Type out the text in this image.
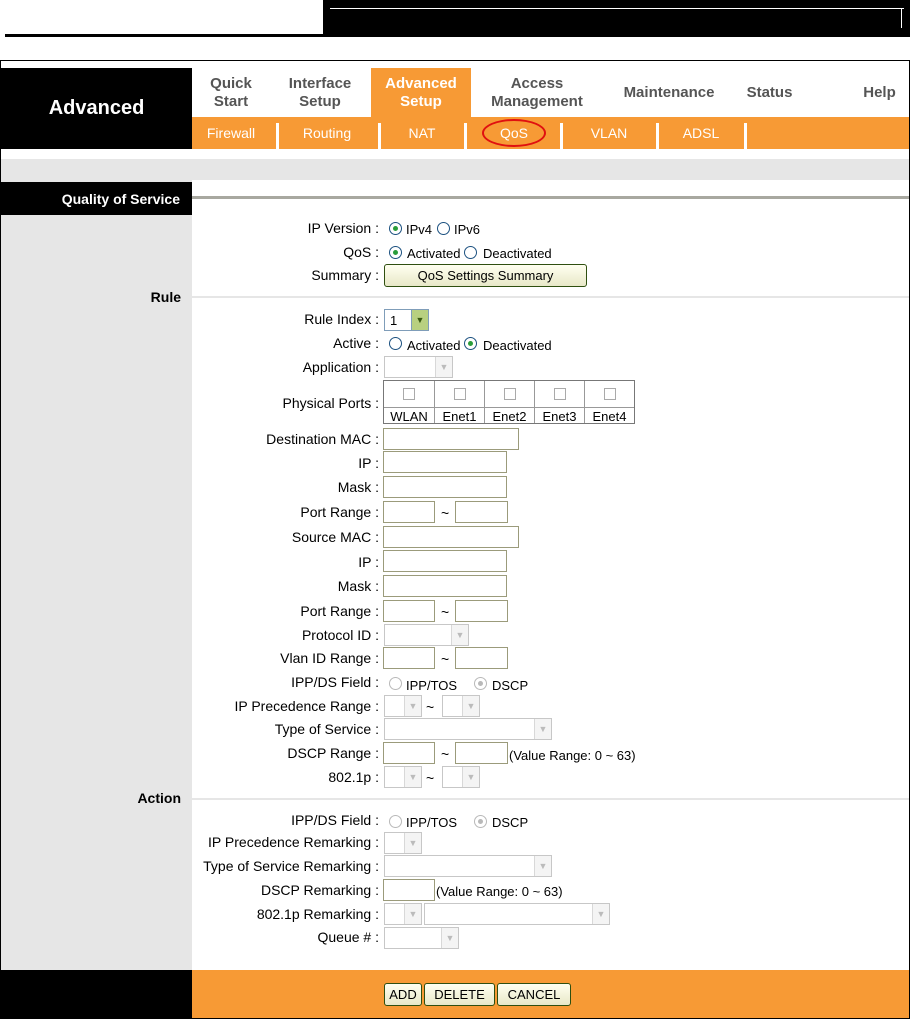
Advanced
Quick
Start
Interface
Setup
Advanced
Setup
Access
Management
Maintenance Status	Help
Firewall	Routing	NAT	QoS	VLAN	ADSL
Quality of Service
IP Version : IPv4 IPv6
QoS : Activated Deactivated
Summary :	QoS Settings Summary
Rule
Rule Index : 1	▼
Active : Activated Deactivated
Application :	▼
Physical Ports :
WLAN	Enet1	Enet2	Enet3	Enet4
Destination MAC :
IP :
Mask :
Port Range :	~
Source MAC :
IP :
Mask :
Port Range :	~
Protocol ID :	▼
Vlan ID Range :	~
IPP/DS Field : IPP/TOS	DSCP
IP Precedence Range :	▼ ~	▼
Type of Service :	▼
DSCP Range :	~	(Value Range: 0 ~ 63)
802.1p :	▼ ~	▼
Action
IPP/DS Field : IPP/TOS	DSCP
IP Precedence Remarking :	▼
Type of Service Remarking :	▼
DSCP Remarking :	(Value Range: 0 ~ 63)
802.1p Remarking :	▼	▼
Queue # :	▼
ADD	DELETE	CANCEL
